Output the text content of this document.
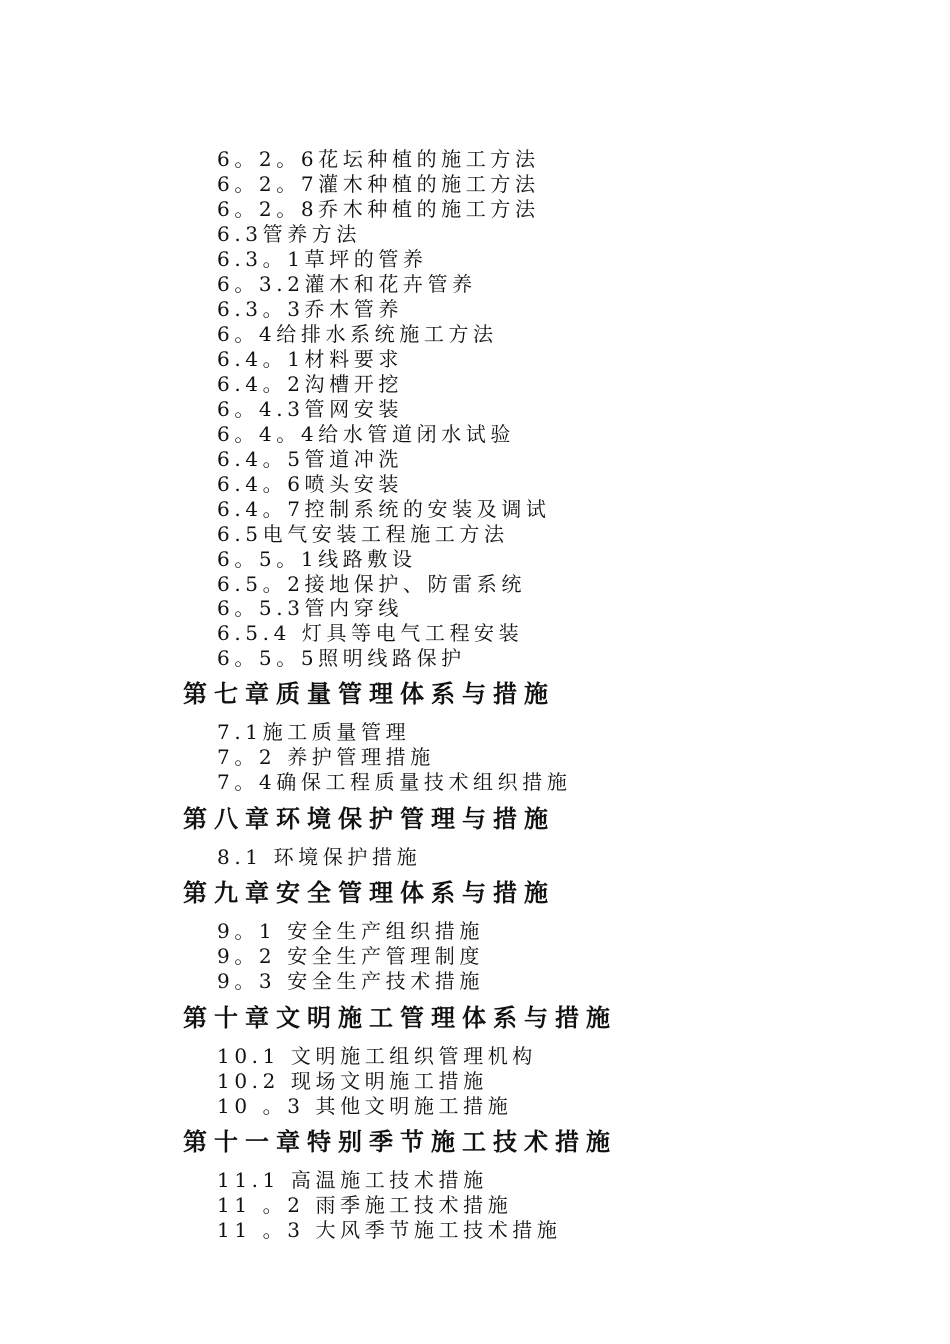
6。2。6花坛种植的施工方法
6。2。7灌木种植的施工方法
6。2。8乔木种植的施工方法
6.3管养方法
6.3。1草坪的管养
6。3.2灌木和花卉管养
6.3。3乔木管养
6。4给排水系统施工方法
6.4。1材料要求
6.4。2沟槽开挖
6。4.3管网安装
6。4。4给水管道闭水试验
6.4。5管道冲洗
6.4。6喷头安装
6.4。7控制系统的安装及调试
6.5电气安装工程施工方法
6。5。1线路敷设
6.5。2接地保护、防雷系统
6。5.3管内穿线
6.5.4 灯具等电气工程安装
6。5。5照明线路保护
第七章质量管理体系与措施
7.1施工质量管理
7。2 养护管理措施
7。4确保工程质量技术组织措施
第八章环境保护管理与措施
8.1 环境保护措施
第九章安全管理体系与措施
9。1 安全生产组织措施
9。2 安全生产管理制度
9。3 安全生产技术措施
第十章文明施工管理体系与措施
10.1 文明施工组织管理机构
10.2 现场文明施工措施
10 。3 其他文明施工措施
第十一章特别季节施工技术措施
11.1 高温施工技术措施
11 。2 雨季施工技术措施
11 。3 大风季节施工技术措施
